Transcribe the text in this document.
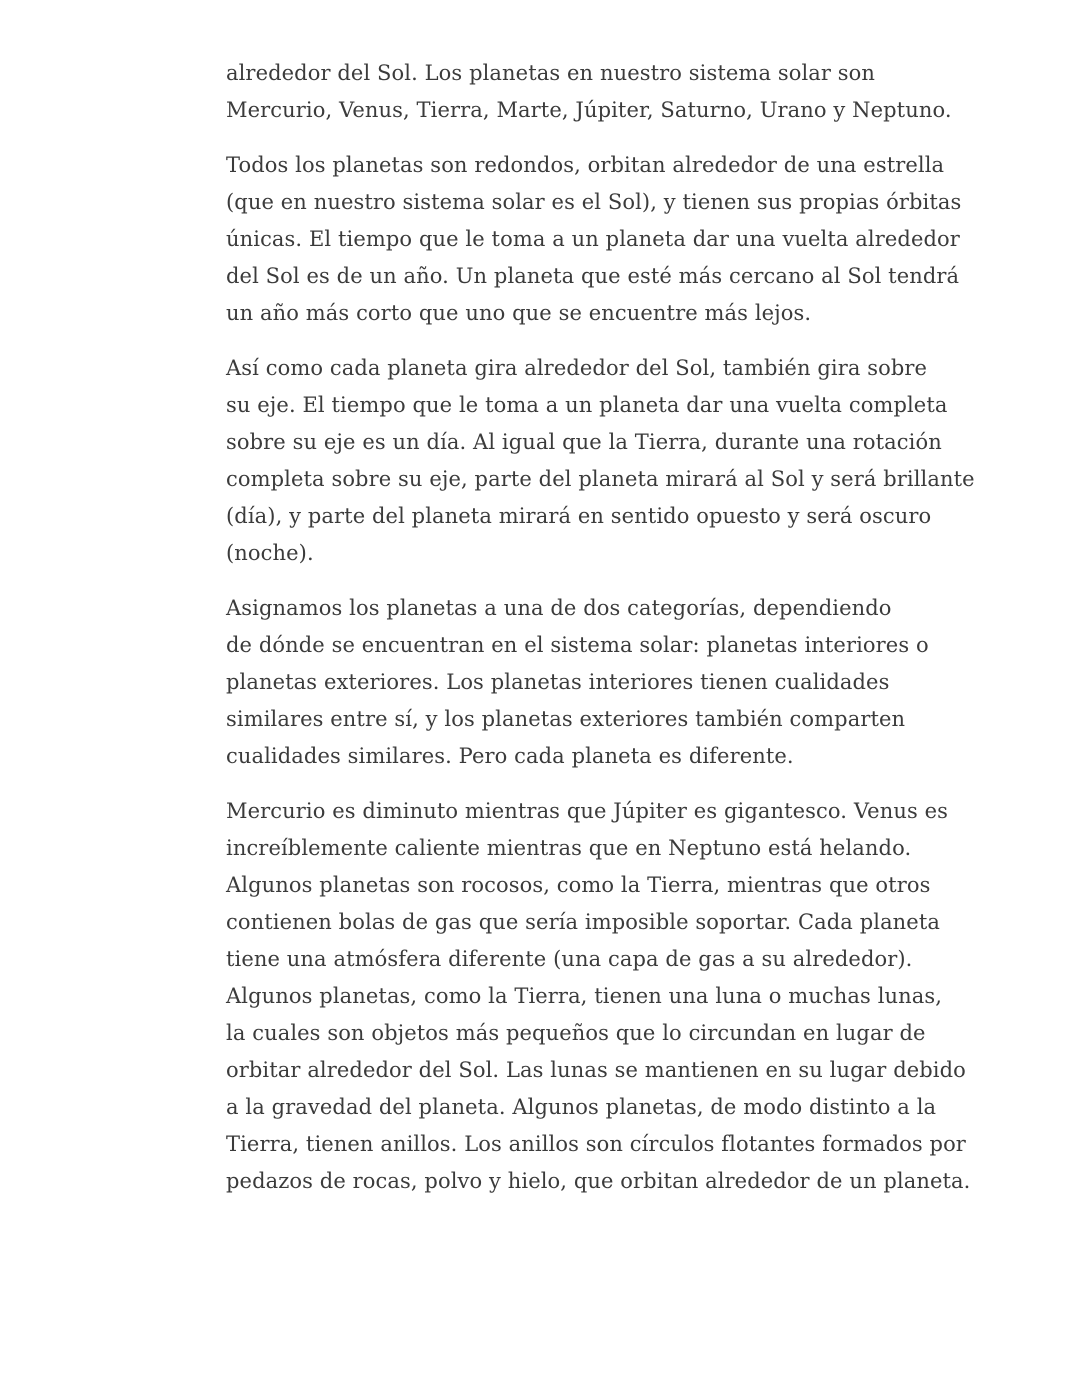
alrededor del Sol. Los planetas en nuestro sistema solar son
Mercurio, Venus, Tierra, Marte, Júpiter, Saturno, Urano y Neptuno.

Todos los planetas son redondos, orbitan alrededor de una estrella
(que en nuestro sistema solar es el Sol), y tienen sus propias órbitas
únicas. El tiempo que le toma a un planeta dar una vuelta alrededor
del Sol es de un año. Un planeta que esté más cercano al Sol tendrá
un año más corto que uno que se encuentre más lejos.

Así como cada planeta gira alrededor del Sol, también gira sobre
su eje. El tiempo que le toma a un planeta dar una vuelta completa
sobre su eje es un día. Al igual que la Tierra, durante una rotación
completa sobre su eje, parte del planeta mirará al Sol y será brillante
(día), y parte del planeta mirará en sentido opuesto y será oscuro
(noche).

Asignamos los planetas a una de dos categorías, dependiendo
de dónde se encuentran en el sistema solar: planetas interiores o
planetas exteriores. Los planetas interiores tienen cualidades
similares entre sí, y los planetas exteriores también comparten
cualidades similares. Pero cada planeta es diferente.

Mercurio es diminuto mientras que Júpiter es gigantesco. Venus es
increíblemente caliente mientras que en Neptuno está helando.
Algunos planetas son rocosos, como la Tierra, mientras que otros
contienen bolas de gas que sería imposible soportar. Cada planeta
tiene una atmósfera diferente (una capa de gas a su alrededor).
Algunos planetas, como la Tierra, tienen una luna o muchas lunas,
la cuales son objetos más pequeños que lo circundan en lugar de
orbitar alrededor del Sol. Las lunas se mantienen en su lugar debido
a la gravedad del planeta. Algunos planetas, de modo distinto a la
Tierra, tienen anillos. Los anillos son círculos flotantes formados por
pedazos de rocas, polvo y hielo, que orbitan alrededor de un planeta.
